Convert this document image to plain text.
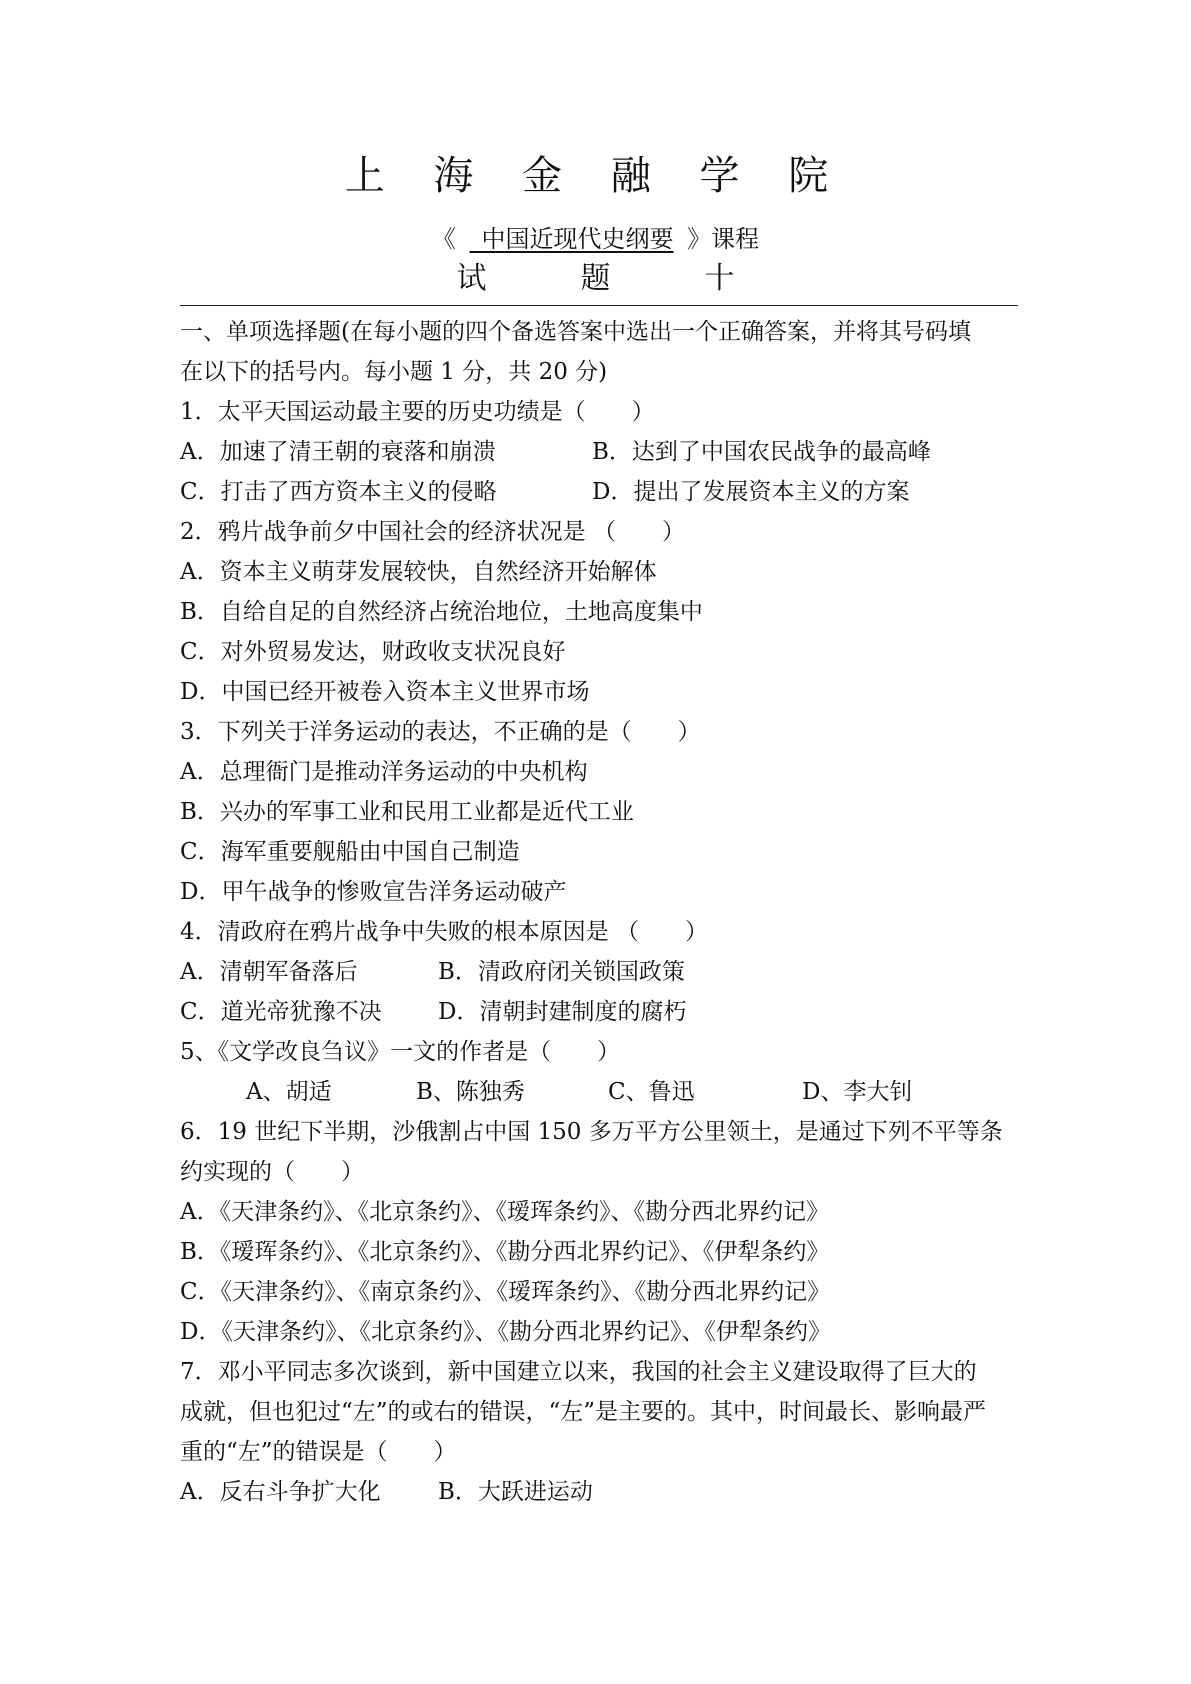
上 海 金 融 学 院
《 _中国近现代史纲要 》课程
试	题	十
一、单项选择题(在每小题的四个备选答案中选出一个正确答案，并将其号码填
在以下的括号内。每小题 1 分，共 20 分)
1．太平天国运动最主要的历史功绩是（　　）
A．加速了清王朝的衰落和崩溃	B．达到了中国农民战争的最高峰
C．打击了西方资本主义的侵略	D．提出了发展资本主义的方案
2．鸦片战争前夕中国社会的经济状况是 （　　）
A．资本主义萌芽发展较快，自然经济开始解体
B．自给自足的自然经济占统治地位，土地高度集中
C．对外贸易发达，财政收支状况良好
D．中国已经开被卷入资本主义世界市场
3．下列关于洋务运动的表达，不正确的是（　　）
A．总理衙门是推动洋务运动的中央机构
B．兴办的军事工业和民用工业都是近代工业
C．海军重要舰船由中国自己制造
D．甲午战争的惨败宣告洋务运动破产
4．清政府在鸦片战争中失败的根本原因是 （　　）
A．清朝军备落后	B．清政府闭关锁国政策
C．道光帝犹豫不决 D．清朝封建制度的腐朽
5、《文学改良刍议》一文的作者是（　　）
A、胡适	B、陈独秀	C、鲁迅	D、李大钊
6．19 世纪下半期，沙俄割占中国 150 多万平方公里领土，是通过下列不平等条
约实现的（　　）
A．《天津条约》、《北京条约》、《瑷珲条约》、《勘分西北界约记》
B．《瑷珲条约》、《北京条约》、《勘分西北界约记》、《伊犁条约》
C．《天津条约》、《南京条约》、《瑷珲条约》、《勘分西北界约记》
D．《天津条约》、《北京条约》、《勘分西北界约记》、《伊犁条约》
7．邓小平同志多次谈到，新中国建立以来，我国的社会主义建设取得了巨大的
成就，但也犯过“左”的或右的错误，“左”是主要的。其中，时间最长、影响最严
重的“左”的错误是（　　）
A．反右斗争扩大化 B．大跃进运动
